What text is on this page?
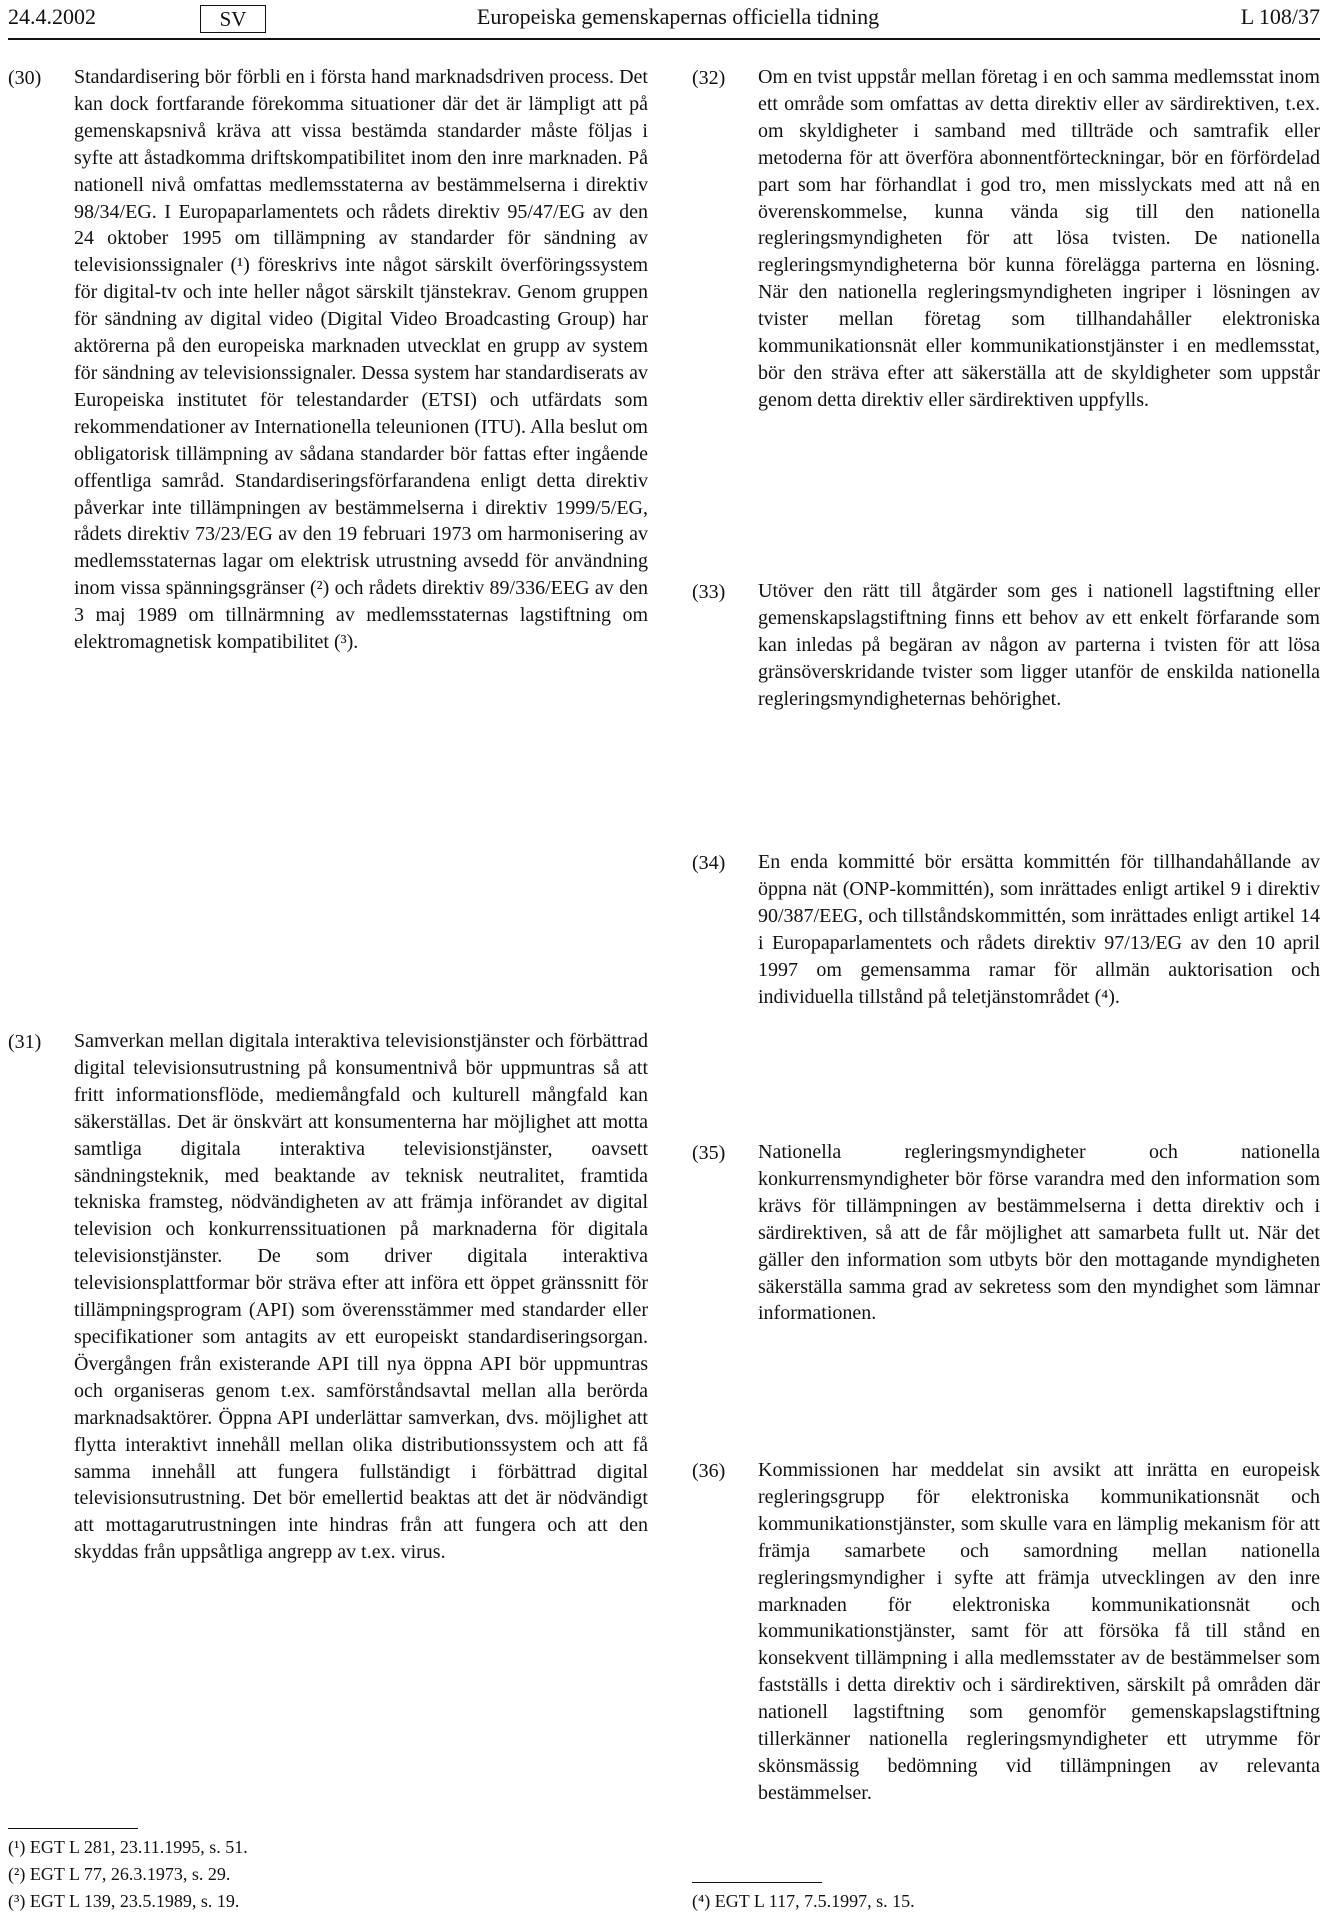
24.4.2002	SV	Europeiska gemenskapernas officiella tidning	L 108/37
(30) Standardisering bör förbli en i första hand marknadsdriven process. Det kan dock fortfarande förekomma situationer där det är lämpligt att på gemenskapsnivå kräva att vissa bestämda standarder måste följas i syfte att åstadkomma driftskompatibilitet inom den inre marknaden. På nationell nivå omfattas medlemsstaterna av bestämmelserna i direktiv 98/34/EG. I Europaparlamentets och rådets direktiv 95/47/EG av den 24 oktober 1995 om tillämpning av standarder för sändning av televisionssignaler (¹) föreskrivs inte något särskilt överföringssystem för digital-tv och inte heller något särskilt tjänstekrav. Genom gruppen för sändning av digital video (Digital Video Broadcasting Group) har aktörerna på den europeiska marknaden utvecklat en grupp av system för sändning av televisionssignaler. Dessa system har standardiserats av Europeiska institutet för telestandarder (ETSI) och utfärdats som rekommendationer av Internationella teleunionen (ITU). Alla beslut om obligatorisk tillämpning av sådana standarder bör fattas efter ingående offentliga samråd. Standardiseringsförfarandena enligt detta direktiv påverkar inte tillämpningen av bestämmelserna i direktiv 1999/5/EG, rådets direktiv 73/23/EG av den 19 februari 1973 om harmonisering av medlemsstaternas lagar om elektrisk utrustning avsedd för användning inom vissa spänningsgränser (²) och rådets direktiv 89/336/EEG av den 3 maj 1989 om tillnärmning av medlemsstaternas lagstiftning om elektromagnetisk kompatibilitet (³).
(31) Samverkan mellan digitala interaktiva televisionstjänster och förbättrad digital televisionsutrustning på konsumentnivå bör uppmuntras så att fritt informationsflöde, mediemångfald och kulturell mångfald kan säkerställas. Det är önskvärt att konsumenterna har möjlighet att motta samtliga digitala interaktiva televisionstjänster, oavsett sändningsteknik, med beaktande av teknisk neutralitet, framtida tekniska framsteg, nödvändigheten av att främja införandet av digital television och konkurrenssituationen på marknaderna för digitala televisionstjänster. De som driver digitala interaktiva televisionsplattformar bör sträva efter att införa ett öppet gränssnitt för tillämpningsprogram (API) som överensstämmer med standarder eller specifikationer som antagits av ett europeiskt standardiseringsorgan. Övergången från existerande API till nya öppna API bör uppmuntras och organiseras genom t.ex. samförståndsavtal mellan alla berörda marknadsaktörer. Öppna API underlättar samverkan, dvs. möjlighet att flytta interaktivt innehåll mellan olika distributionssystem och att få samma innehåll att fungera fullständigt i förbättrad digital televisionsutrustning. Det bör emellertid beaktas att det är nödvändigt att mottagarutrustningen inte hindras från att fungera och att den skyddas från uppsåtliga angrepp av t.ex. virus.
(32) Om en tvist uppstår mellan företag i en och samma medlemsstat inom ett område som omfattas av detta direktiv eller av särdirektiven, t.ex. om skyldigheter i samband med tillträde och samtrafik eller metoderna för att överföra abonnentförteckningar, bör en förfördelad part som har förhandlat i god tro, men misslyckats med att nå en överenskommelse, kunna vända sig till den nationella regleringsmyndigheten för att lösa tvisten. De nationella regleringsmyndigheterna bör kunna förelägga parterna en lösning. När den nationella regleringsmyndigheten ingriper i lösningen av tvister mellan företag som tillhandahåller elektroniska kommunikationsnät eller kommunikationstjänster i en medlemsstat, bör den sträva efter att säkerställa att de skyldigheter som uppstår genom detta direktiv eller särdirektiven uppfylls.
(33) Utöver den rätt till åtgärder som ges i nationell lagstiftning eller gemenskapslagstiftning finns ett behov av ett enkelt förfarande som kan inledas på begäran av någon av parterna i tvisten för att lösa gränsöverskridande tvister som ligger utanför de enskilda nationella regleringsmyndigheternas behörighet.
(34) En enda kommitté bör ersätta kommittén för tillhandahållande av öppna nät (ONP-kommittén), som inrättades enligt artikel 9 i direktiv 90/387/EEG, och tillståndskommittén, som inrättades enligt artikel 14 i Europaparlamentets och rådets direktiv 97/13/EG av den 10 april 1997 om gemensamma ramar för allmän auktorisation och individuella tillstånd på teletjänstområdet (⁴).
(35) Nationella regleringsmyndigheter och nationella konkurrensmyndigheter bör förse varandra med den information som krävs för tillämpningen av bestämmelserna i detta direktiv och i särdirektiven, så att de får möjlighet att samarbeta fullt ut. När det gäller den information som utbyts bör den mottagande myndigheten säkerställa samma grad av sekretess som den myndighet som lämnar informationen.
(36) Kommissionen har meddelat sin avsikt att inrätta en europeisk regleringsgrupp för elektroniska kommunikationsnät och kommunikationstjänster, som skulle vara en lämplig mekanism för att främja samarbete och samordning mellan nationella regleringsmyndigher i syfte att främja utvecklingen av den inre marknaden för elektroniska kommunikationsnät och kommunikationstjänster, samt för att försöka få till stånd en konsekvent tillämpning i alla medlemsstater av de bestämmelser som fastställs i detta direktiv och i särdirektiven, särskilt på områden där nationell lagstiftning som genomför gemenskapslagstiftning tillerkänner nationella regleringsmyndigheter ett utrymme för skönsmässig bedömning vid tillämpningen av relevanta bestämmelser.
(¹) EGT L 281, 23.11.1995, s. 51.
(²) EGT L 77, 26.3.1973, s. 29.
(³) EGT L 139, 23.5.1989, s. 19.	(⁴) EGT L 117, 7.5.1997, s. 15.
